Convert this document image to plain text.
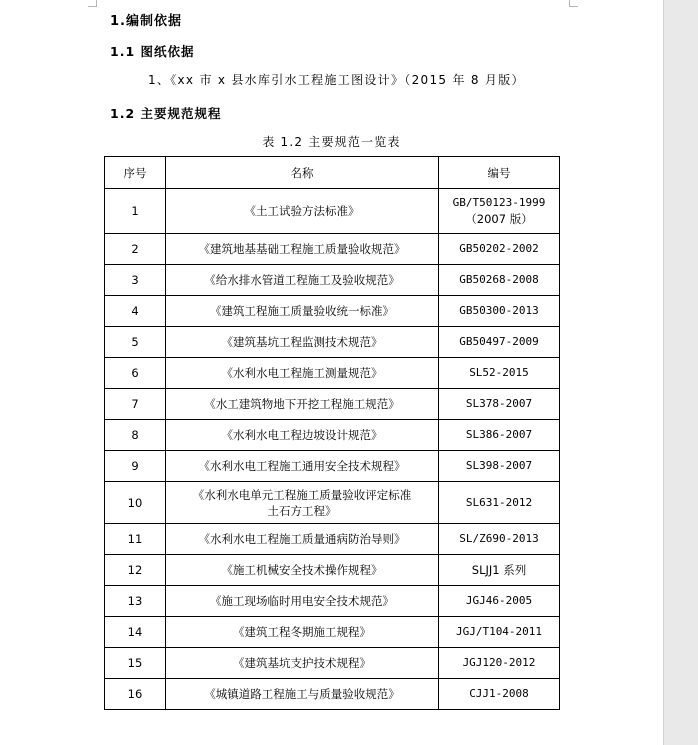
1.编制依据
1.1 图纸依据
1、《xx 市 x 县水库引水工程施工图设计》（2015 年 8 月版）
1.2 主要规范规程
表 1.2 主要规范一览表
序号	名称	编号
1	《土工试验方法标准》	GB/T50123-1999
（2007 版）

2	《建筑地基基础工程施工质量验收规范》	GB50202-2002
3	《给水排水管道工程施工及验收规范》	GB50268-2008
4	《建筑工程施工质量验收统一标准》	GB50300-2013
5	《建筑基坑工程监测技术规范》	GB50497-2009
6	《水利水电工程施工测量规范》	SL52-2015
7	《水工建筑物地下开挖工程施工规范》	SL378-2007
8	《水利水电工程边坡设计规范》	SL386-2007
9	《水利水电工程施工通用安全技术规程》	SL398-2007
10	《水利水电单元工程施工质量验收评定标准
土石方工程》	SL631-2012
11	《水利水电工程施工质量通病防治导则》	SL/Z690-2013
12	《施工机械安全技术操作规程》	SLJJ1 系列
13	《施工现场临时用电安全技术规范》	JGJ46-2005
14	《建筑工程冬期施工规程》	JGJ/T104-2011
15	《建筑基坑支护技术规程》	JGJ120-2012
16	《城镇道路工程施工与质量验收规范》	CJJ1-2008
